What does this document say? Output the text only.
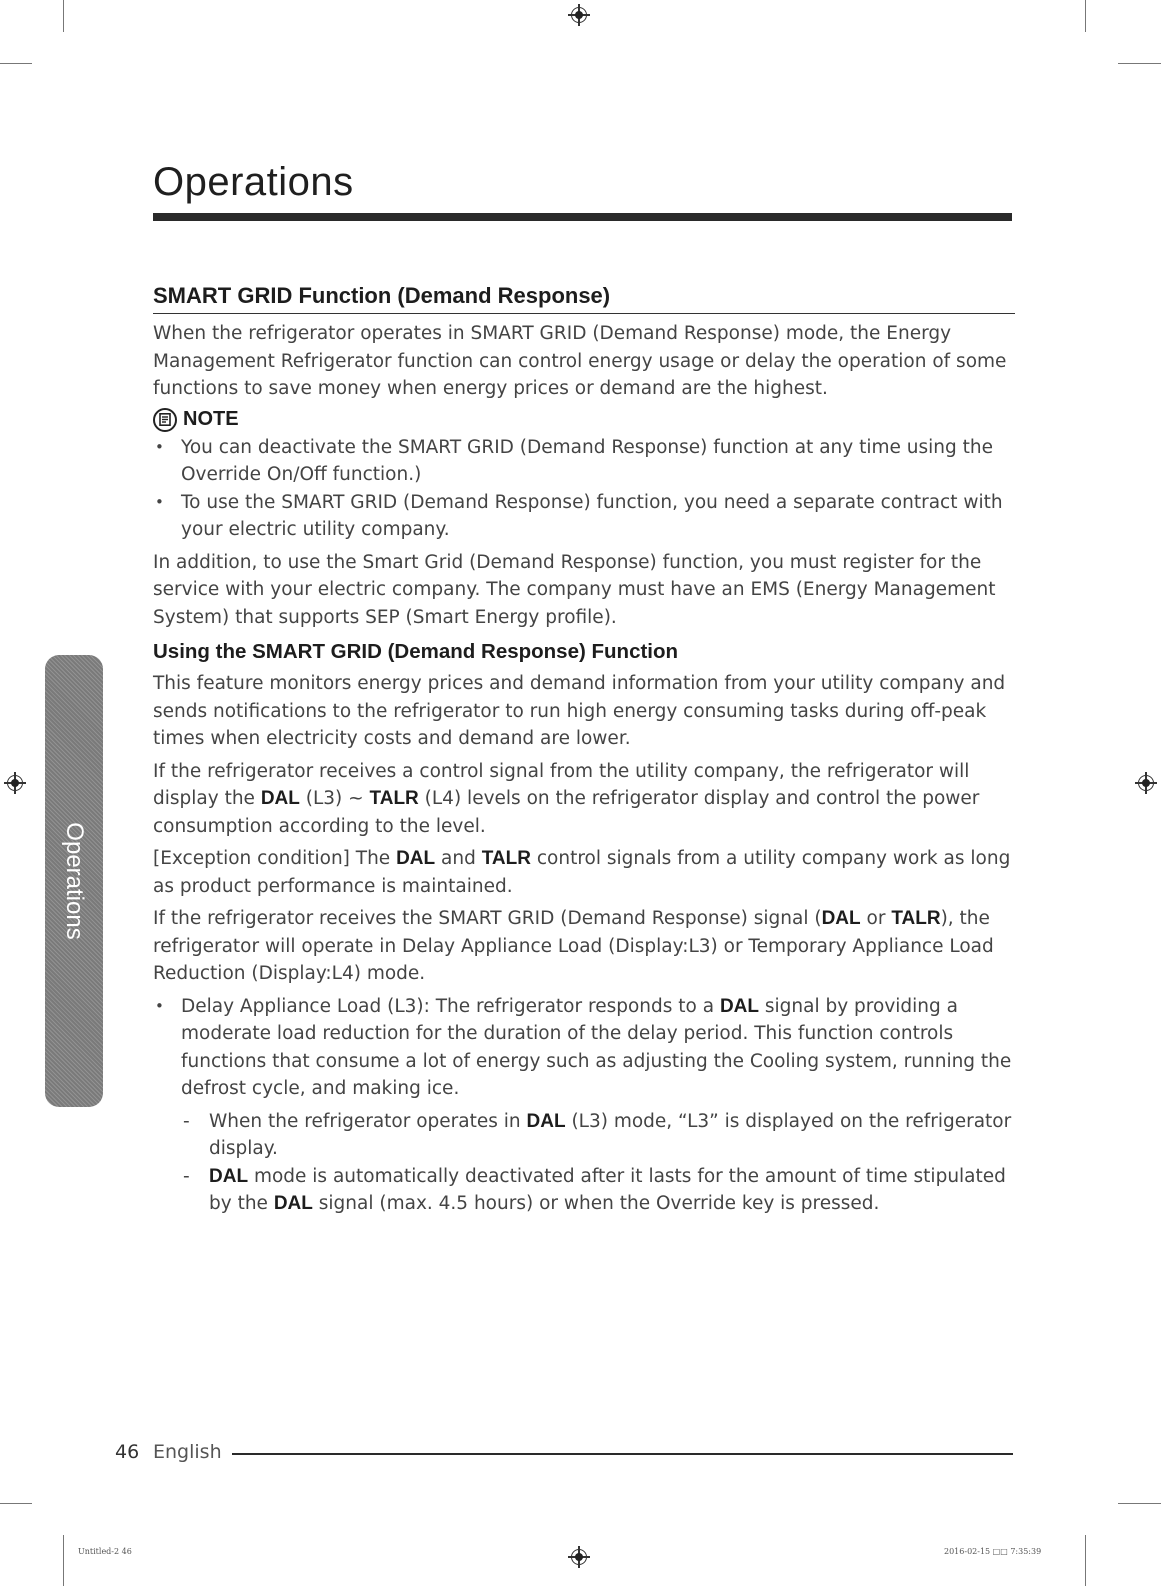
Operations
Operations
SMART GRID Function (Demand Response)

When the refrigerator operates in SMART GRID (Demand Response) mode, the Energy Management Refrigerator function can control energy usage or delay the operation of some functions to save money when energy prices or demand are the highest.

NOTE
• You can deactivate the SMART GRID (Demand Response) function at any time using the Override On/Off function.)
• To use the SMART GRID (Demand Response) function, you need a separate contract with your electric utility company.

In addition, to use the Smart Grid (Demand Response) function, you must register for the service with your electric company. The company must have an EMS (Energy Management System) that supports SEP (Smart Energy profile).

Using the SMART GRID (Demand Response) Function

This feature monitors energy prices and demand information from your utility company and sends notifications to the refrigerator to run high energy consuming tasks during off-peak times when electricity costs and demand are lower.

If the refrigerator receives a control signal from the utility company, the refrigerator will display the DAL (L3) ~ TALR (L4) levels on the refrigerator display and control the power consumption according to the level.

[Exception condition] The DAL and TALR control signals from a utility company work as long as product performance is maintained.

If the refrigerator receives the SMART GRID (Demand Response) signal (DAL or TALR), the refrigerator will operate in Delay Appliance Load (Display:L3) or Temporary Appliance Load Reduction (Display:L4) mode.

• Delay Appliance Load (L3): The refrigerator responds to a DAL signal by providing a moderate load reduction for the duration of the delay period. This function controls functions that consume a lot of energy such as adjusting the Cooling system, running the defrost cycle, and making ice.
- When the refrigerator operates in DAL (L3) mode, “L3” is displayed on the refrigerator display.
- DAL mode is automatically deactivated after it lasts for the amount of time stipulated by the DAL signal (max. 4.5 hours) or when the Override key is pressed.
46 English
Untitled-2 46	2016-02-15 □□ 7:35:39
